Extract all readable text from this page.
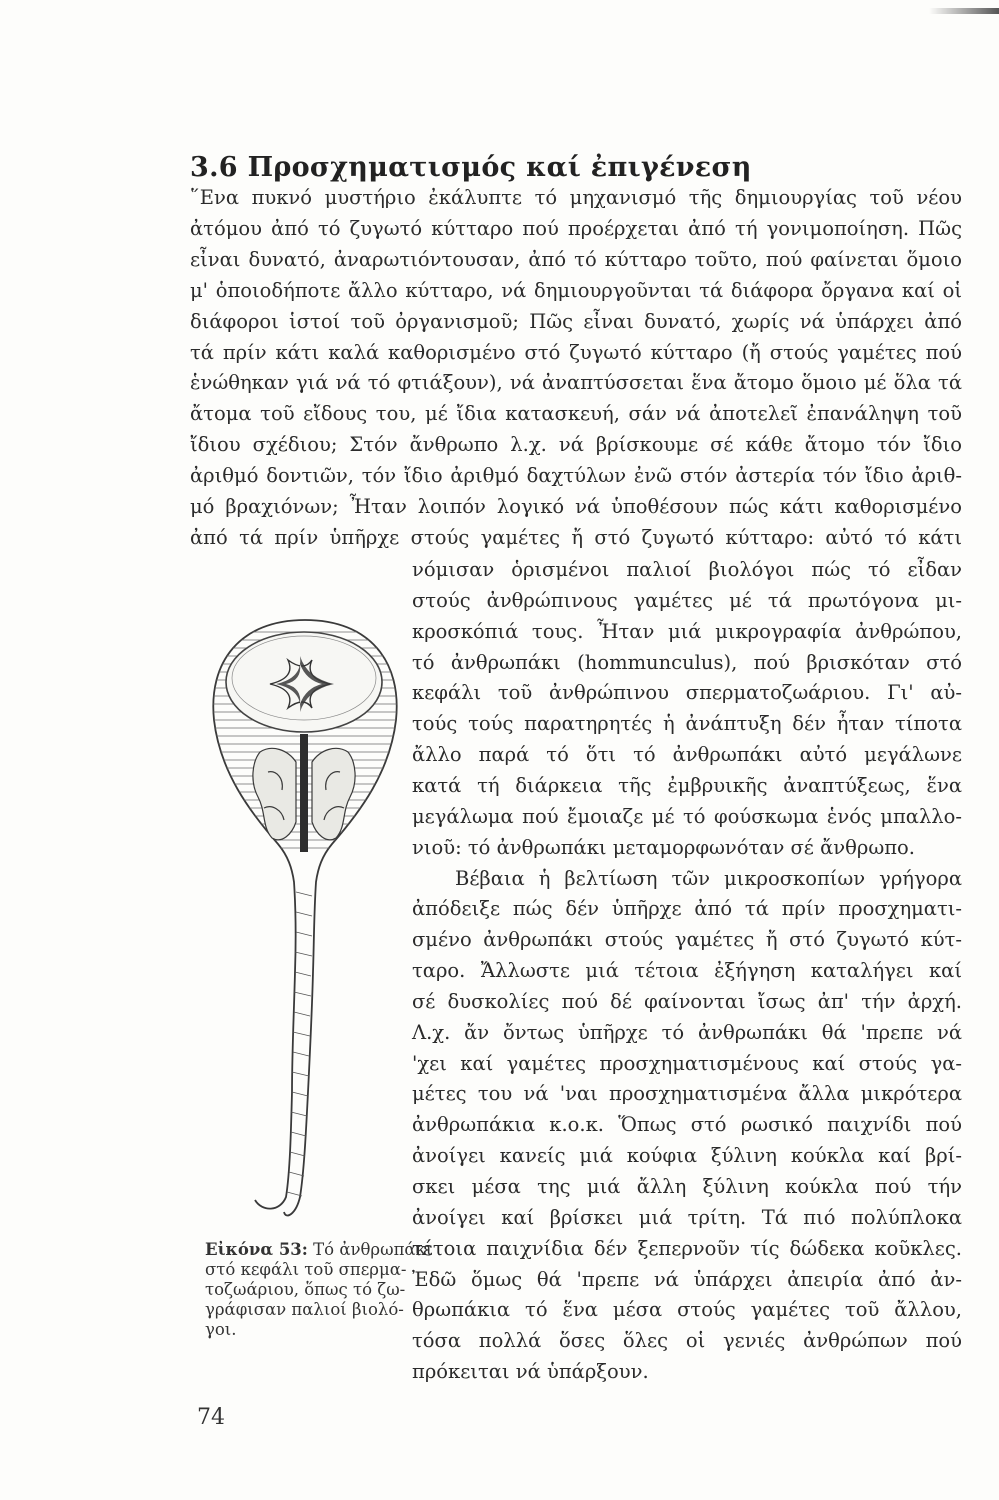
3.6 Προσχηματισμός καί ἐπιγένεση
῞Ενα πυκνό μυστήριο ἐκάλυπτε τό μηχανισμό τῆς δημιουργίας τοῦ νέου
ἀτόμου ἀπό τό ζυγωτό κύτταρο πού προέρχεται ἀπό τή γονιμοποίηση. Πῶς
εἶναι δυνατό, ἀναρωτιόντουσαν, ἀπό τό κύτταρο τοῦτο, πού φαίνεται ὅμοιο
μ' ὁποιοδήποτε ἄλλο κύτταρο, νά δημιουργοῦνται τά διάφορα ὄργανα καί οἱ
διάφοροι ἱστοί τοῦ ὀργανισμοῦ; Πῶς εἶναι δυνατό, χωρίς νά ὑπάρχει ἀπό
τά πρίν κάτι καλά καθορισμένο στό ζυγωτό κύτταρο (ἤ στούς γαμέτες πού
ἑνώθηκαν γιά νά τό φτιάξουν), νά ἀναπτύσσεται ἕνα ἄτομο ὅμοιο μέ ὅλα τά
ἄτομα τοῦ εἴδους του, μέ ἴδια κατασκευή, σάν νά ἀποτελεῖ ἐπανάληψη τοῦ
ἴδιου σχέδιου; Στόν ἄνθρωπο λ.χ. νά βρίσκουμε σέ κάθε ἄτομο τόν ἴδιο
ἀριθμό δοντιῶν, τόν ἴδιο ἀριθμό δαχτύλων ἐνῶ στόν ἀστερία τόν ἴδιο ἀριθ-
μό βραχιόνων; Ἦταν λοιπόν λογικό νά ὑποθέσουν πώς κάτι καθορισμένο
ἀπό τά πρίν ὑπῆρχε στούς γαμέτες ἤ στό ζυγωτό κύτταρο: αὐτό τό κάτι
νόμισαν ὁρισμένοι παλιοί βιολόγοι πώς τό εἶδαν
στούς ἀνθρώπινους γαμέτες μέ τά πρωτόγονα μι-
κροσκόπιά τους. Ἦταν μιά μικρογραφία ἀνθρώπου,
τό ἀνθρωπάκι (hommunculus), πού βρισκόταν στό
κεφάλι τοῦ ἀνθρώπινου σπερματοζωάριου. Γι' αὐ-
τούς τούς παρατηρητές ἡ ἀνάπτυξη δέν ἦταν τίποτα
ἄλλο παρά τό ὅτι τό ἀνθρωπάκι αὐτό μεγάλωνε
κατά τή διάρκεια τῆς ἐμβρυικῆς ἀναπτύξεως, ἕνα
μεγάλωμα πού ἔμοιαζε μέ τό φούσκωμα ἑνός μπαλλο-
νιοῦ: τό ἀνθρωπάκι μεταμορφωνόταν σέ ἄνθρωπο.
Βέβαια ἡ βελτίωση τῶν μικροσκοπίων γρήγορα
ἀπόδειξε πώς δέν ὑπῆρχε ἀπό τά πρίν προσχηματι-
σμένο ἀνθρωπάκι στούς γαμέτες ἤ στό ζυγωτό κύτ-
ταρο. Ἄλλωστε μιά τέτοια ἐξήγηση καταλήγει καί
σέ δυσκολίες πού δέ φαίνονται ἴσως ἀπ' τήν ἀρχή.
Λ.χ. ἄν ὄντως ὑπῆρχε τό ἀνθρωπάκι θά 'πρεπε νά
'χει καί γαμέτες προσχηματισμένους καί στούς γα-
μέτες του νά 'ναι προσχηματισμένα ἄλλα μικρότερα
ἀνθρωπάκια κ.ο.κ. Ὅπως στό ρωσικό παιχνίδι πού
ἀνοίγει κανείς μιά κούφια ξύλινη κούκλα καί βρί-
σκει μέσα της μιά ἄλλη ξύλινη κούκλα πού τήν
ἀνοίγει καί βρίσκει μιά τρίτη. Τά πιό πολύπλοκα
τέτοια παιχνίδια δέν ξεπερνοῦν τίς δώδεκα κοῦκλες.
Ἐδῶ ὅμως θά 'πρεπε νά ὑπάρχει ἀπειρία ἀπό ἀν-
θρωπάκια τό ἕνα μέσα στούς γαμέτες τοῦ ἄλλου,
τόσα πολλά ὅσες ὅλες οἱ γενιές ἀνθρώπων πού
πρόκειται νά ὑπάρξουν.
Εἰκόνα 53: Τό ἀνθρωπάκι
στό κεφάλι τοῦ σπερμα-
τοζωάριου, ὅπως τό ζω-
γράφισαν παλιοί βιολό-
γοι.
74
